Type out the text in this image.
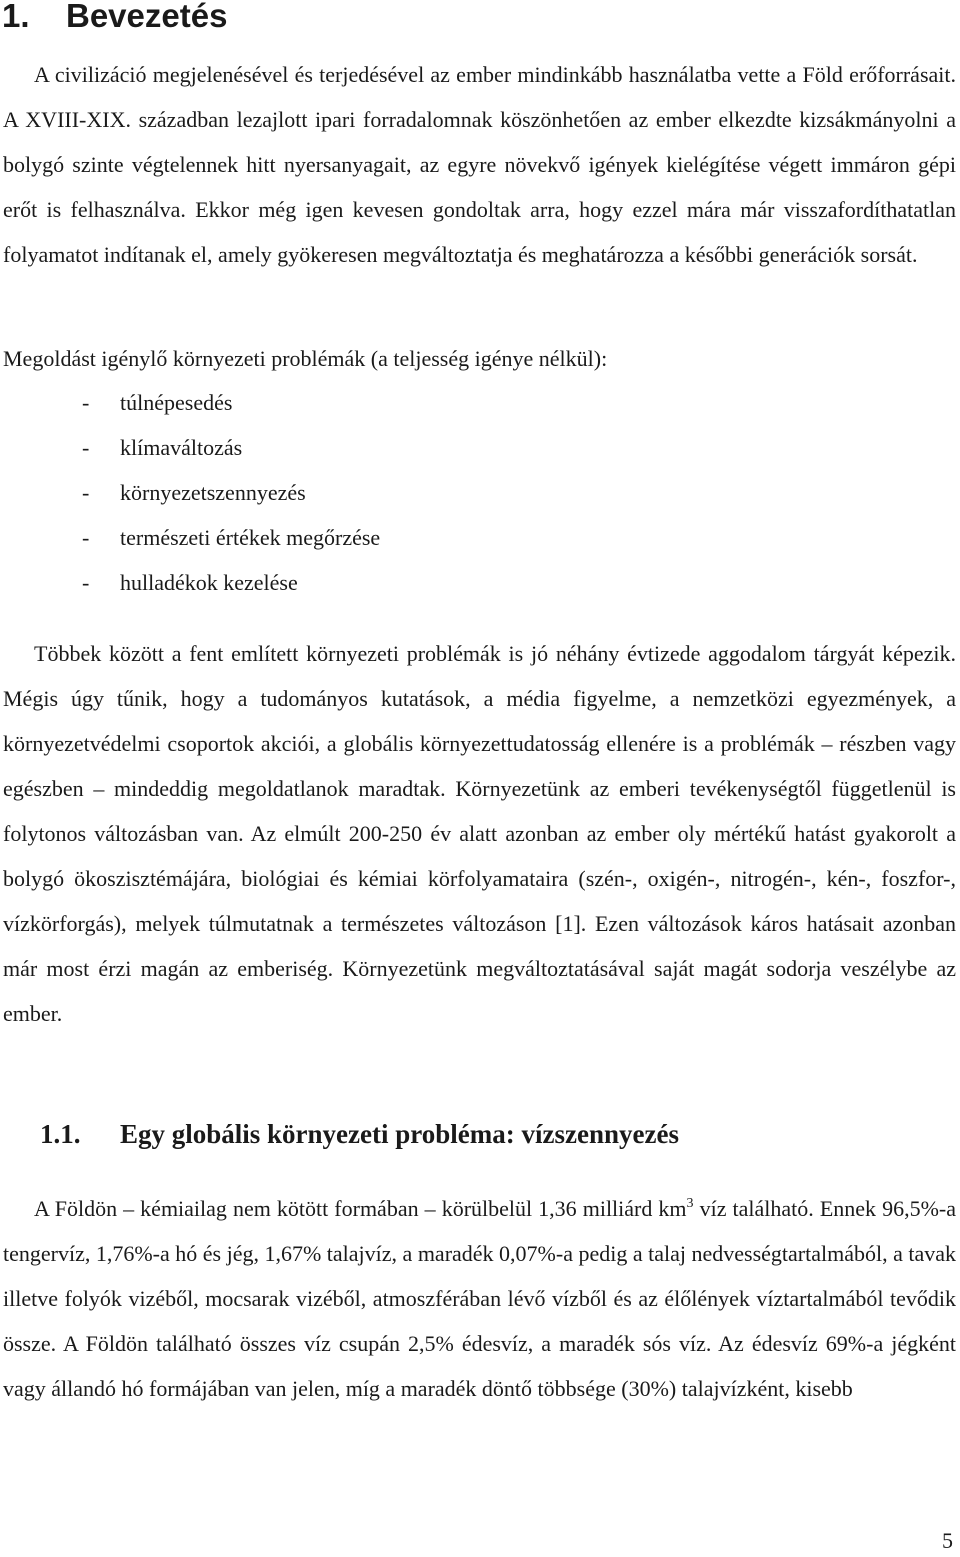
1. Bevezetés

A civilizáció megjelenésével és terjedésével az ember mindinkább használatba vette a Föld erőforrásait. A XVIII-XIX. században lezajlott ipari forradalomnak köszönhetően az ember elkezdte kizsákmányolni a bolygó szinte végtelennek hitt nyersanyagait, az egyre növekvő igények kielégítése végett immáron gépi erőt is felhasználva. Ekkor még igen kevesen gondoltak arra, hogy ezzel mára már visszafordíthatatlan folyamatot indítanak el, amely gyökeresen megváltoztatja és meghatározza a későbbi generációk sorsát.

Megoldást igénylő környezeti problémák (a teljesség igénye nélkül):

- túlnépesedés
- klímaváltozás
- környezetszennyezés
- természeti értékek megőrzése
- hulladékok kezelése

Többek között a fent említett környezeti problémák is jó néhány évtizede aggodalom tárgyát képezik. Mégis úgy tűnik, hogy a tudományos kutatások, a média figyelme, a nemzetközi egyezmények, a környezetvédelmi csoportok akciói, a globális környezettudatosság ellenére is a problémák – részben vagy egészben – mindeddig megoldatlanok maradtak. Környezetünk az emberi tevékenységtől függetlenül is folytonos változásban van. Az elmúlt 200-250 év alatt azonban az ember oly mértékű hatást gyakorolt a bolygó ökoszisztémájára, biológiai és kémiai körfolyamataira (szén-, oxigén-, nitrogén-, kén-, foszfor-, vízkörforgás), melyek túlmutatnak a természetes változáson [1]. Ezen változások káros hatásait azonban már most érzi magán az emberiség. Környezetünk megváltoztatásával saját magát sodorja veszélybe az ember.

1.1. Egy globális környezeti probléma: vízszennyezés

A Földön – kémiailag nem kötött formában – körülbelül 1,36 milliárd $km^3$ víz található. Ennek 96,5%-a tengervíz, 1,76%-a hó és jég, 1,67% talajvíz, a maradék 0,07%-a pedig a talaj nedvességtartalmából, a tavak illetve folyók vizéből, mocsarak vizéből, atmoszférában lévő vízből és az élőlények víztartalmából tevődik össze. A Földön található összes víz csupán 2,5% édesvíz, a maradék sós víz. Az édesvíz 69%-a jégként vagy állandó hó formájában van jelen, míg a maradék döntő többsége (30%) talajvízként, kisebb

5
